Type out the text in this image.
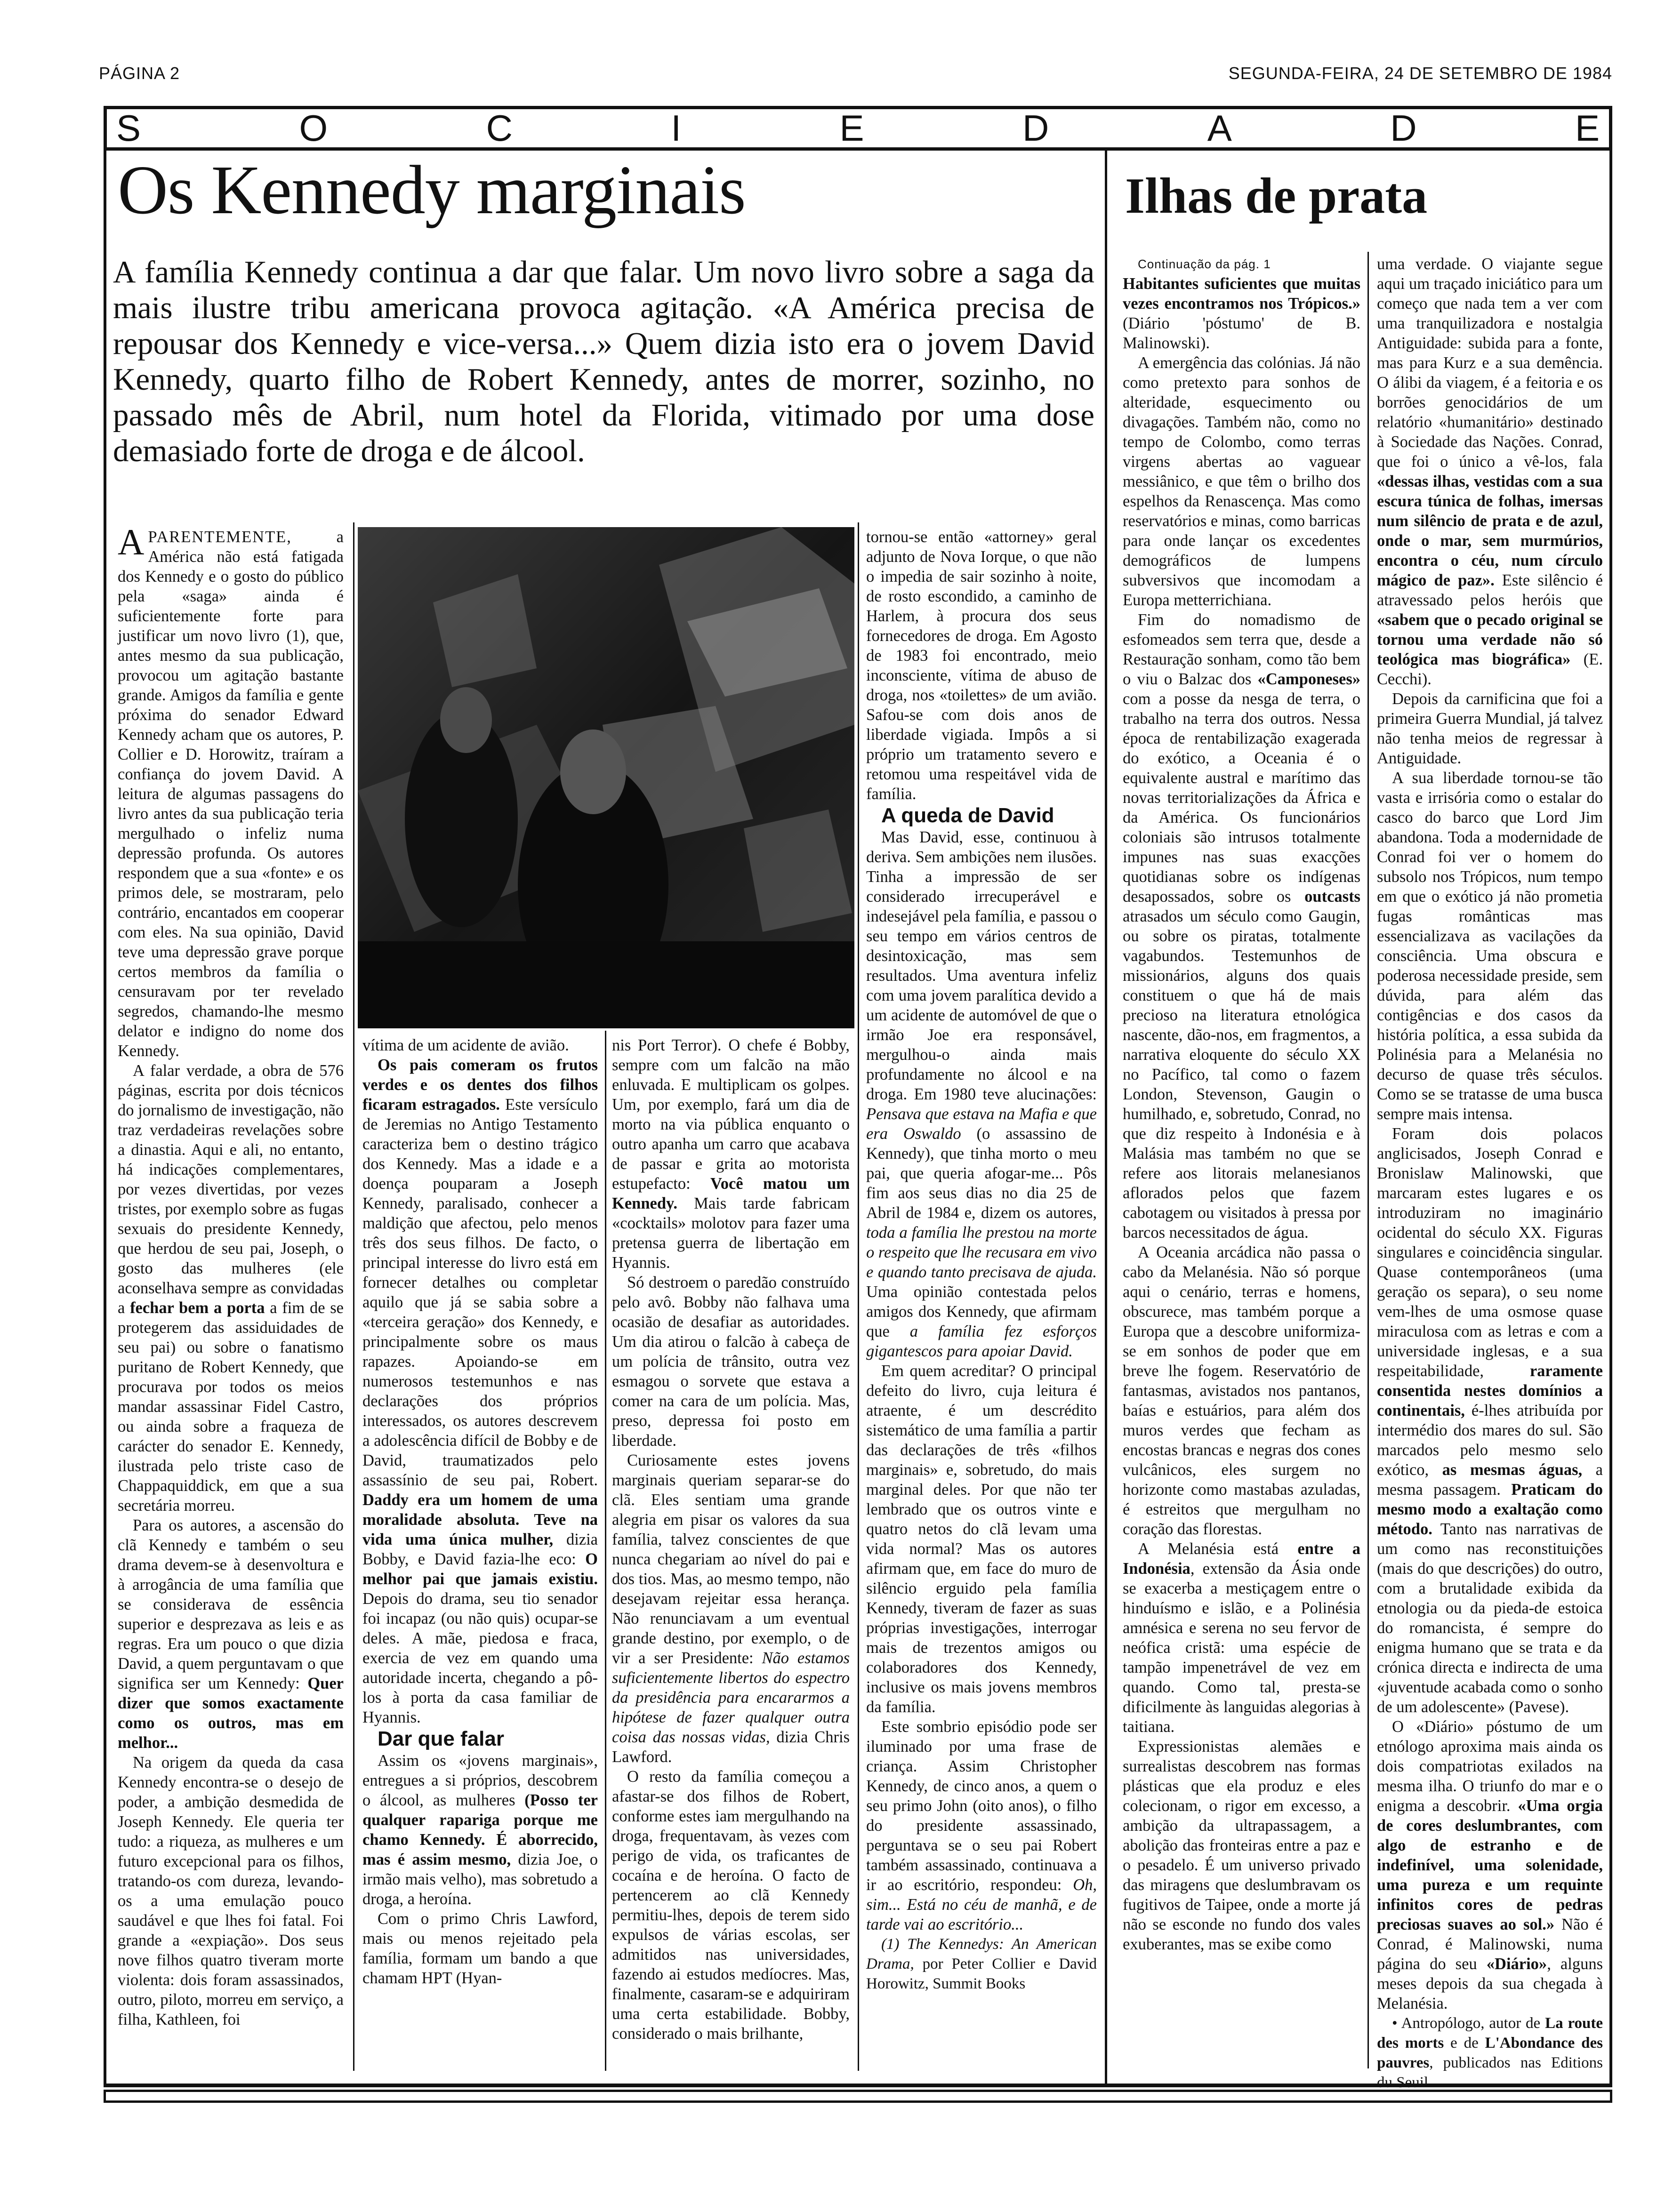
PÁGINA 2	SEGUNDA-FEIRA, 24 DE SETEMBRO DE 1984
S	O	C	I	E	D	A	D	E
Os Kennedy marginais	Ilhas de prata
A família Kennedy continua a dar que falar. Um novo livro sobre a saga da mais ilustre tribu americana provoca agitação. «A América precisa de repousar dos Kennedy e vice-versa...» Quem dizia isto era o jovem David Kennedy, quarto filho de Robert Kennedy, antes de morrer, sozinho, no passado mês de Abril, num hotel da Florida, vitimado por uma dose demasiado forte de droga e de álcool.

APARENTEMENTE, a América não está fatigada dos Kennedy e o gosto do público pela «saga» ainda é suficientemente forte para justificar um novo livro (1), que, antes mesmo da sua publicação, provocou um agitação bastante grande. Amigos da família e gente próxima do senador Edward Kennedy acham que os autores, P. Collier e D. Horowitz, traíram a confiança do jovem David. A leitura de algumas passagens do livro antes da sua publicação teria mergulhado o infeliz numa depressão profunda. Os autores respondem que a sua «fonte» e os primos dele, se mostraram, pelo contrário, encantados em cooperar com eles. Na sua opinião, David teve uma depressão grave porque certos membros da família o censuravam por ter revelado segredos, chamando-lhe mesmo delator e indigno do nome dos Kennedy.

A falar verdade, a obra de 576 páginas, escrita por dois técnicos do jornalismo de investigação, não traz verdadeiras revelações sobre a dinastia. Aqui e ali, no entanto, há indicações complementares, por vezes divertidas, por vezes tristes, por exemplo sobre as fugas sexuais do presidente Kennedy, que herdou de seu pai, Joseph, o gosto das mulheres (ele aconselhava sempre as convidadas a fechar bem a porta a fim de se protegerem das assiduidades de seu pai) ou sobre o fanatismo puritano de Robert Kennedy, que procurava por todos os meios mandar assassinar Fidel Castro, ou ainda sobre a fraqueza de carácter do senador E. Kennedy, ilustrada pelo triste caso de Chappaquiddick, em que a sua secretária morreu.

Para os autores, a ascensão do clã Kennedy e também o seu drama devem-se à desenvoltura e à arrogância de uma família que se considerava de essência superior e desprezava as leis e as regras. Era um pouco o que dizia David, a quem perguntavam o que significa ser um Kennedy: Quer dizer que somos exactamente como os outros, mas em melhor...

Na origem da queda da casa Kennedy encontra-se o desejo de poder, a ambição desmedida de Joseph Kennedy. Ele queria ter tudo: a riqueza, as mulheres e um futuro excepcional para os filhos, tratando-os com dureza, levando-os a uma emulação pouco saudável e que lhes foi fatal. Foi grande a «expiação». Dos seus nove filhos quatro tiveram morte violenta: dois foram assassinados, outro, piloto, morreu em serviço, a filha, Kathleen, foi

vítima de um acidente de avião.

Os pais comeram os frutos verdes e os dentes dos filhos ficaram estragados. Este versículo de Jeremias no Antigo Testamento caracteriza bem o destino trágico dos Kennedy. Mas a idade e a doença pouparam a Joseph Kennedy, paralisado, conhecer a maldição que afectou, pelo menos três dos seus filhos. De facto, o principal interesse do livro está em fornecer detalhes ou completar aquilo que já se sabia sobre a «terceira geração» dos Kennedy, e principalmente sobre os maus rapazes. Apoiando-se em numerosos testemunhos e nas declarações dos próprios interessados, os autores descrevem a adolescência difícil de Bobby e de David, traumatizados pelo assassínio de seu pai, Robert. Daddy era um homem de uma moralidade absoluta. Teve na vida uma única mulher, dizia Bobby, e David fazia-lhe eco: O melhor pai que jamais existiu. Depois do drama, seu tio senador foi incapaz (ou não quis) ocupar-se deles. A mãe, piedosa e fraca, exercia de vez em quando uma autoridade incerta, chegando a pô-los à porta da casa familiar de Hyannis.

Dar que falar

Assim os «jovens marginais», entregues a si próprios, descobrem o álcool, as mulheres (Posso ter qualquer rapariga porque me chamo Kennedy. É aborrecido, mas é assim mesmo, dizia Joe, o irmão mais velho), mas sobretudo a droga, a heroína.

Com o primo Chris Lawford, mais ou menos rejeitado pela família, formam um bando a que chamam HPT (Hyan-

nis Port Terror). O chefe é Bobby, sempre com um falcão na mão enluvada. E multiplicam os golpes. Um, por exemplo, fará um dia de morto na via pública enquanto o outro apanha um carro que acabava de passar e grita ao motorista estupefacto: Você matou um Kennedy. Mais tarde fabricam «cocktails» molotov para fazer uma pretensa guerra de libertação em Hyannis.

Só destroem o paredão construído pelo avô. Bobby não falhava uma ocasião de desafiar as autoridades. Um dia atirou o falcão à cabeça de um polícia de trânsito, outra vez esmagou o sorvete que estava a comer na cara de um polícia. Mas, preso, depressa foi posto em liberdade.

Curiosamente estes jovens marginais queriam separar-se do clã. Eles sentiam uma grande alegria em pisar os valores da sua família, talvez conscientes de que nunca chegariam ao nível do pai e dos tios. Mas, ao mesmo tempo, não desejavam rejeitar essa herança. Não renunciavam a um eventual grande destino, por exemplo, o de vir a ser Presidente: Não estamos suficientemente libertos do espectro da presidência para encararmos a hipótese de fazer qualquer outra coisa das nossas vidas, dizia Chris Lawford.

O resto da família começou a afastar-se dos filhos de Robert, conforme estes iam mergulhando na droga, frequentavam, às vezes com perigo de vida, os traficantes de cocaína e de heroína. O facto de pertencerem ao clã Kennedy permitiu-lhes, depois de terem sido expulsos de várias escolas, ser admitidos nas universidades, fazendo ai estudos medíocres. Mas, finalmente, casaram-se e adquiriram uma certa estabilidade. Bobby, considerado o mais brilhante,

tornou-se então «attorney» geral adjunto de Nova Iorque, o que não o impedia de sair sozinho à noite, de rosto escondido, a caminho de Harlem, à procura dos seus fornecedores de droga. Em Agosto de 1983 foi encontrado, meio inconsciente, vítima de abuso de droga, nos «toilettes» de um avião. Safou-se com dois anos de liberdade vigiada. Impôs a si próprio um tratamento severo e retomou uma respeitável vida de família.

A queda de David

Mas David, esse, continuou à deriva. Sem ambições nem ilusões. Tinha a impressão de ser considerado irrecuperável e indesejável pela família, e passou o seu tempo em vários centros de desintoxicação, mas sem resultados. Uma aventura infeliz com uma jovem paralítica devido a um acidente de automóvel de que o irmão Joe era responsável, mergulhou-o ainda mais profundamente no álcool e na droga. Em 1980 teve alucinações: Pensava que estava na Mafia e que era Oswaldo (o assassino de Kennedy), que tinha morto o meu pai, que queria afogar-me... Pôs fim aos seus dias no dia 25 de Abril de 1984 e, dizem os autores, toda a família lhe prestou na morte o respeito que lhe recusara em vivo e quando tanto precisava de ajuda. Uma opinião contestada pelos amigos dos Kennedy, que afirmam que a família fez esforços gigantescos para apoiar David.

Em quem acreditar? O principal defeito do livro, cuja leitura é atraente, é um descrédito sistemático de uma família a partir das declarações de três «filhos marginais» e, sobretudo, do mais marginal deles. Por que não ter lembrado que os outros vinte e quatro netos do clã levam uma vida normal? Mas os autores afirmam que, em face do muro de silêncio erguido pela família Kennedy, tiveram de fazer as suas próprias investigações, interrogar mais de trezentos amigos ou colaboradores dos Kennedy, inclusive os mais jovens membros da família.

Este sombrio episódio pode ser iluminado por uma frase de criança. Assim Christopher Kennedy, de cinco anos, a quem o seu primo John (oito anos), o filho do presidente assassinado, perguntava se o seu pai Robert também assassinado, continuava a ir ao escritório, respondeu: Oh, sim... Está no céu de manhã, e de tarde vai ao escritório...

(1) The Kennedys: An American Drama, por Peter Collier e David Horowitz, Summit Books

Continuação da pág. 1

Habitantes suficientes que muitas vezes encontramos nos Trópicos.» (Diário 'póstumo' de B. Malinowski).

A emergência das colónias. Já não como pretexto para sonhos de alteridade, esquecimento ou divagações. Também não, como no tempo de Colombo, como terras virgens abertas ao vaguear messiânico, e que têm o brilho dos espelhos da Renascença. Mas como reservatórios e minas, como barricas para onde lançar os excedentes demográficos de lumpens subversivos que incomodam a Europa metterrichiana.

Fim do nomadismo de esfomeados sem terra que, desde a Restauração sonham, como tão bem o viu o Balzac dos «Camponeses» com a posse da nesga de terra, o trabalho na terra dos outros. Nessa época de rentabilização exagerada do exótico, a Oceania é o equivalente austral e marítimo das novas territorializações da África e da América. Os funcionários coloniais são intrusos totalmente impunes nas suas exacções quotidianas sobre os indígenas desapossados, sobre os outcasts atrasados um século como Gaugin, ou sobre os piratas, totalmente vagabundos. Testemunhos de missionários, alguns dos quais constituem o que há de mais precioso na literatura etnológica nascente, dão-nos, em fragmentos, a narrativa eloquente do século XX no Pacífico, tal como o fazem London, Stevenson, Gaugin o humilhado, e, sobretudo, Conrad, no que diz respeito à Indonésia e à Malásia mas também no que se refere aos litorais melanesianos aflorados pelos que fazem cabotagem ou visitados à pressa por barcos necessitados de água.

A Oceania arcádica não passa o cabo da Melanésia. Não só porque aqui o cenário, terras e homens, obscurece, mas também porque a Europa que a descobre uniformiza-se em sonhos de poder que em breve lhe fogem. Reservatório de fantasmas, avistados nos pantanos, baías e estuários, para além dos muros verdes que fecham as encostas brancas e negras dos cones vulcânicos, eles surgem no horizonte como mastabas azuladas, é estreitos que mergulham no coração das florestas.

A Melanésia está entre a Indonésia, extensão da Ásia onde se exacerba a mestiçagem entre o hinduísmo e islão, e a Polinésia amnésica e serena no seu fervor de neófica cristã: uma espécie de tampão impenetrável de vez em quando. Como tal, presta-se dificilmente às languidas alegorias à taitiana.

Expressionistas alemães e surrealistas descobrem nas formas plásticas que ela produz e eles colecionam, o rigor em excesso, a ambição da ultrapassagem, a abolição das fronteiras entre a paz e o pesadelo. É um universo privado das miragens que deslumbravam os fugitivos de Taipee, onde a morte já não se esconde no fundo dos vales exuberantes, mas se exibe como

uma verdade. O viajante segue aqui um traçado iniciático para um começo que nada tem a ver com uma tranquilizadora e nostalgia Antiguidade: subida para a fonte, mas para Kurz e a sua demência. O álibi da viagem, é a feitoria e os borrões genocidários de um relatório «humanitário» destinado à Sociedade das Nações. Conrad, que foi o único a vê-los, fala «dessas ilhas, vestidas com a sua escura túnica de folhas, imersas num silêncio de prata e de azul, onde o mar, sem murmúrios, encontra o céu, num círculo mágico de paz». Este silêncio é atravessado pelos heróis que «sabem que o pecado original se tornou uma verdade não só teológica mas biográfica» (E. Cecchi).

Depois da carnificina que foi a primeira Guerra Mundial, já talvez não tenha meios de regressar à Antiguidade.

A sua liberdade tornou-se tão vasta e irrisória como o estalar do casco do barco que Lord Jim abandona. Toda a modernidade de Conrad foi ver o homem do subsolo nos Trópicos, num tempo em que o exótico já não prometia fugas românticas mas essencializava as vacilações da consciência. Uma obscura e poderosa necessidade preside, sem dúvida, para além das contigências e dos casos da história política, a essa subida da Polinésia para a Melanésia no decurso de quase três séculos. Como se se tratasse de uma busca sempre mais intensa.

Foram dois polacos anglicisados, Joseph Conrad e Bronislaw Malinowski, que marcaram estes lugares e os introduziram no imaginário ocidental do século XX. Figuras singulares e coincidência singular. Quase contemporâneos (uma geração os separa), o seu nome vem-lhes de uma osmose quase miraculosa com as letras e com a universidade inglesas, e a sua respeitabilidade, raramente consentida nestes domínios a continentais, é-lhes atribuída por intermédio dos mares do sul. São marcados pelo mesmo selo exótico, as mesmas águas, a mesma passagem. Praticam do mesmo modo a exaltação como método. Tanto nas narrativas de um como nas reconstituições (mais do que descrições) do outro, com a brutalidade exibida da etnologia ou da pieda-de estoica do romancista, é sempre do enigma humano que se trata e da crónica directa e indirecta de uma «juventude acabada como o sonho de um adolescente» (Pavese).

O «Diário» póstumo de um etnólogo aproxima mais ainda os dois compatriotas exilados na mesma ilha. O triunfo do mar e o enigma a descobrir. «Uma orgia de cores deslumbrantes, com algo de estranho e de indefinível, uma solenidade, uma pureza e um requinte infinitos cores de pedras preciosas suaves ao sol.» Não é Conrad, é Malinowski, numa página do seu «Diário», alguns meses depois da sua chegada à Melanésia.

• Antropólogo, autor de La route des morts e de L'Abondance des pauvres, publicados nas Editions du Seuil
